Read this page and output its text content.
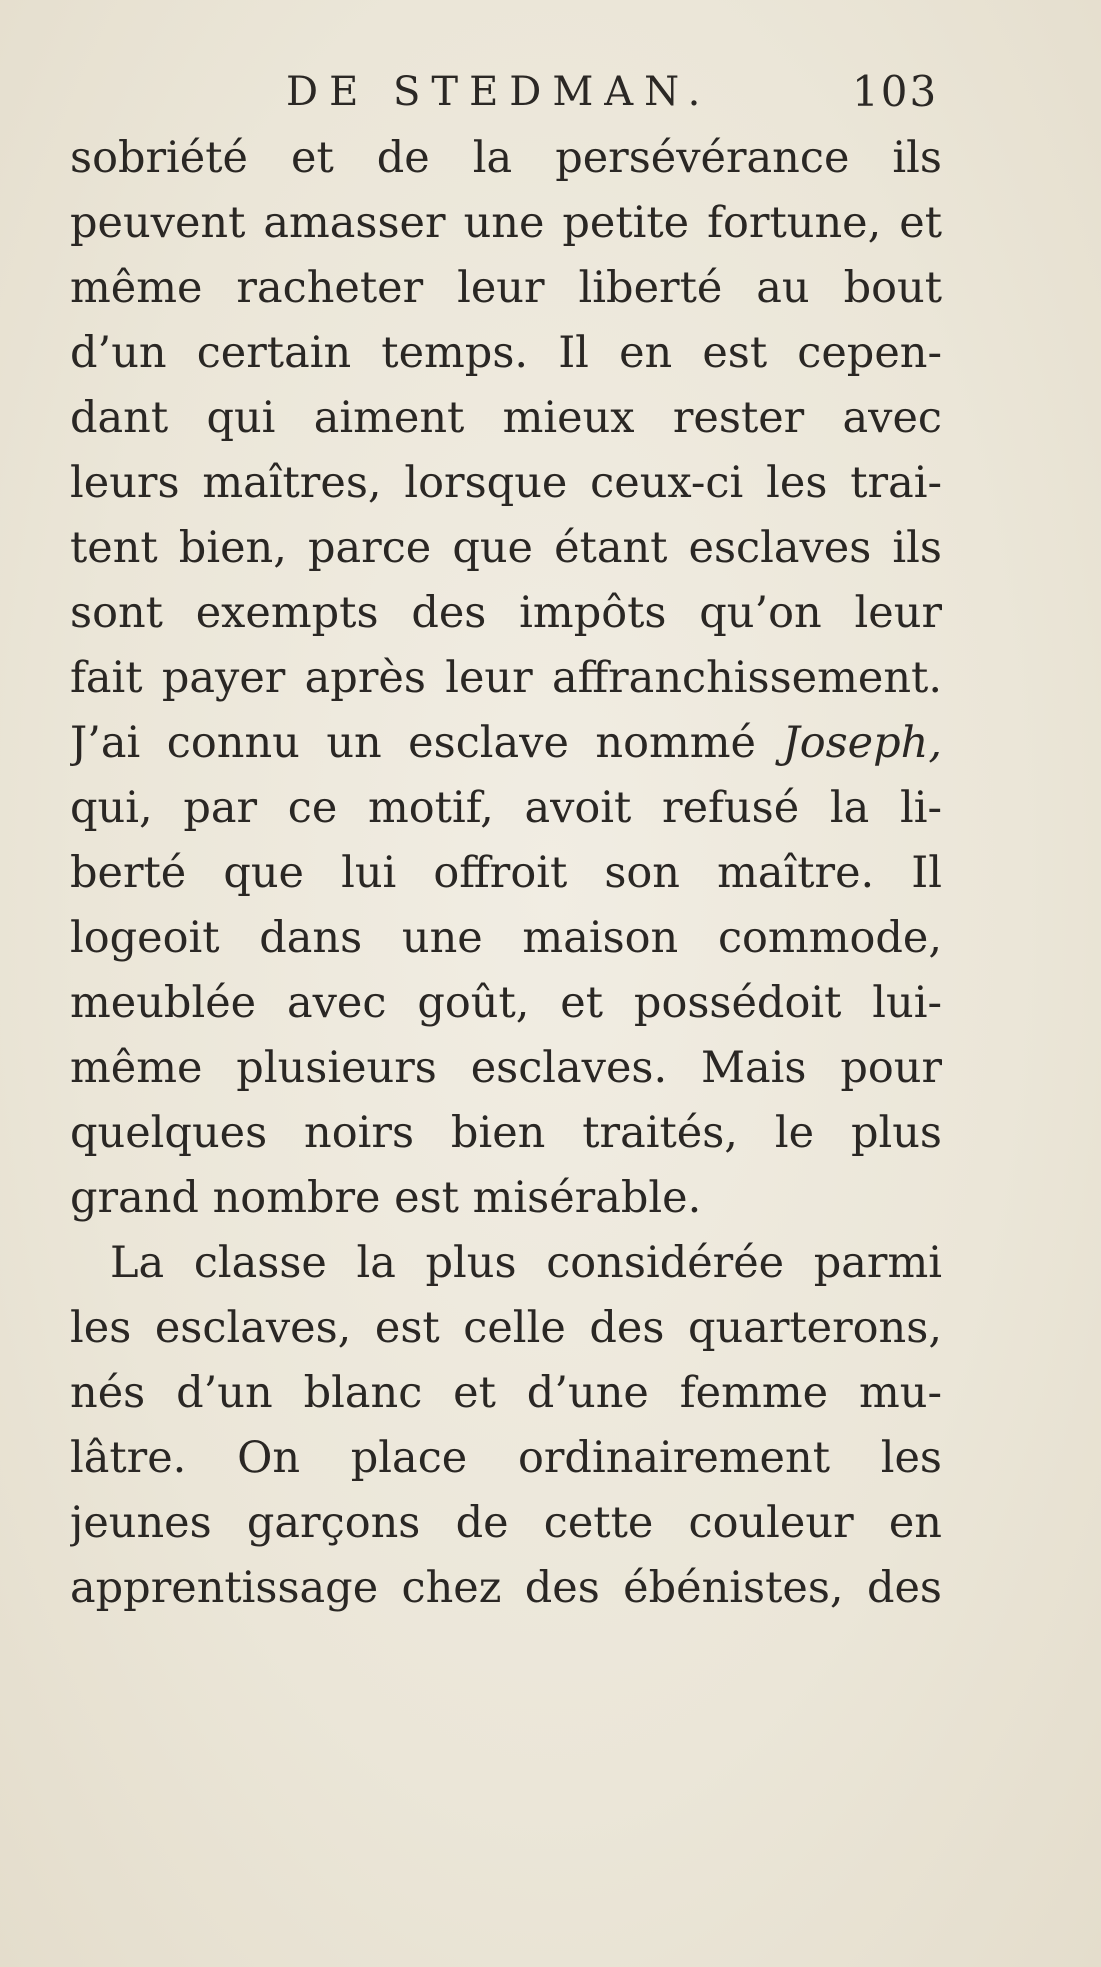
DE STEDMAN.	103
sobriété et de la persévérance ils
peuvent amasser une petite fortune, et
même racheter leur liberté au bout
d’un certain temps. Il en est cepen-
dant qui aiment mieux rester avec
leurs maîtres, lorsque ceux-ci les trai-
tent bien, parce que étant esclaves ils
sont exempts des impôts qu’on leur
fait payer après leur affranchissement.
J’ai connu un esclave nommé Joseph,
qui, par ce motif, avoit refusé la li-
berté que lui offroit son maître. Il
logeoit dans une maison commode,
meublée avec goût, et possédoit lui-
même plusieurs esclaves. Mais pour
quelques noirs bien traités, le plus
grand nombre est misérable.
La classe la plus considérée parmi
les esclaves, est celle des quarterons,
nés d’un blanc et d’une femme mu-
lâtre. On place ordinairement les
jeunes garçons de cette couleur en
apprentissage chez des ébénistes, des
